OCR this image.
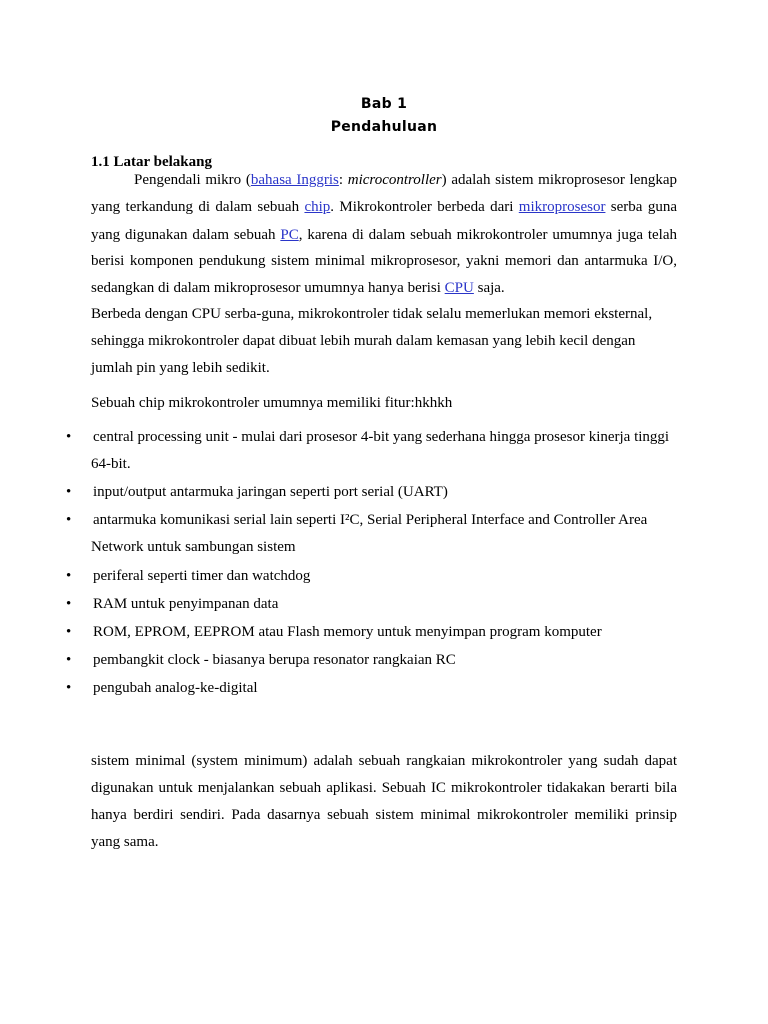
Bab 1
Pendahuluan
1.1 Latar belakang
Pengendali mikro (bahasa Inggris: microcontroller) adalah sistem mikroprosesor lengkap
yang terkandung di dalam sebuah chip. Mikrokontroler berbeda dari mikroprosesor serba guna
yang digunakan dalam sebuah PC, karena di dalam sebuah mikrokontroler umumnya juga telah
berisi komponen pendukung sistem minimal mikroprosesor, yakni memori dan antarmuka I/O,
sedangkan di dalam mikroprosesor umumnya hanya berisi CPU saja.
Berbeda dengan CPU serba-guna, mikrokontroler tidak selalu memerlukan memori eksternal,
sehingga mikrokontroler dapat dibuat lebih murah dalam kemasan yang lebih kecil dengan
jumlah pin yang lebih sedikit.
Sebuah chip mikrokontroler umumnya memiliki fitur:hkhkh
• central processing unit - mulai dari prosesor 4-bit yang sederhana hingga prosesor kinerja tinggi
64-bit.
• input/output antarmuka jaringan seperti port serial (UART)
• antarmuka komunikasi serial lain seperti I²C, Serial Peripheral Interface and Controller Area
Network untuk sambungan sistem
• periferal seperti timer dan watchdog
• RAM untuk penyimpanan data
• ROM, EPROM, EEPROM atau Flash memory untuk menyimpan program komputer
• pembangkit clock - biasanya berupa resonator rangkaian RC
• pengubah analog-ke-digital
sistem minimal (system minimum) adalah sebuah rangkaian mikrokontroler yang sudah dapat
digunakan untuk menjalankan sebuah aplikasi. Sebuah IC mikrokontroler tidakakan berarti bila
hanya berdiri sendiri. Pada dasarnya sebuah sistem minimal mikrokontroler memiliki prinsip
yang sama.
